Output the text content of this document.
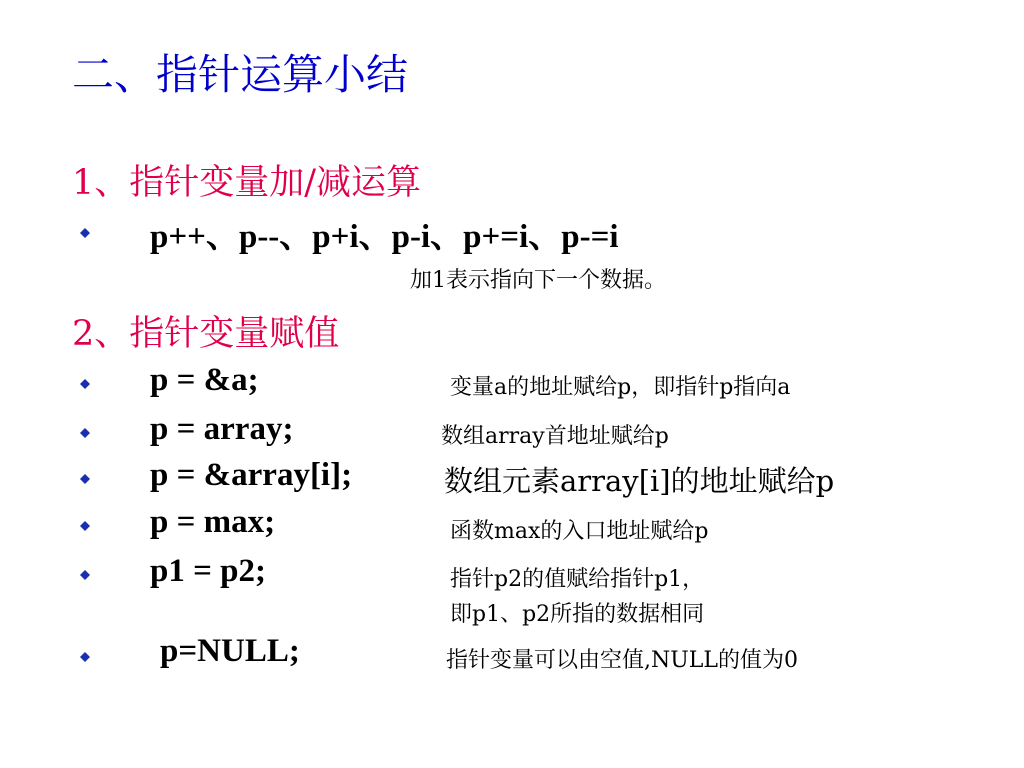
二、指针运算小结
1、指针变量加/减运算
p++、p--、p+i、p-i、p+=i、p-=i
加1表示指向下一个数据。
2、指针变量赋值
p = &a;	变量a的地址赋给p，即指针p指向a
p = array;	数组array首地址赋给p
p = &array[i];	数组元素array[i]的地址赋给p
p = max;	函数max的入口地址赋给p
p1 = p2;	指针p2的值赋给指针p1，
即p1、p2所指的数据相同
p=NULL;	指针变量可以由空值,NULL的值为0
